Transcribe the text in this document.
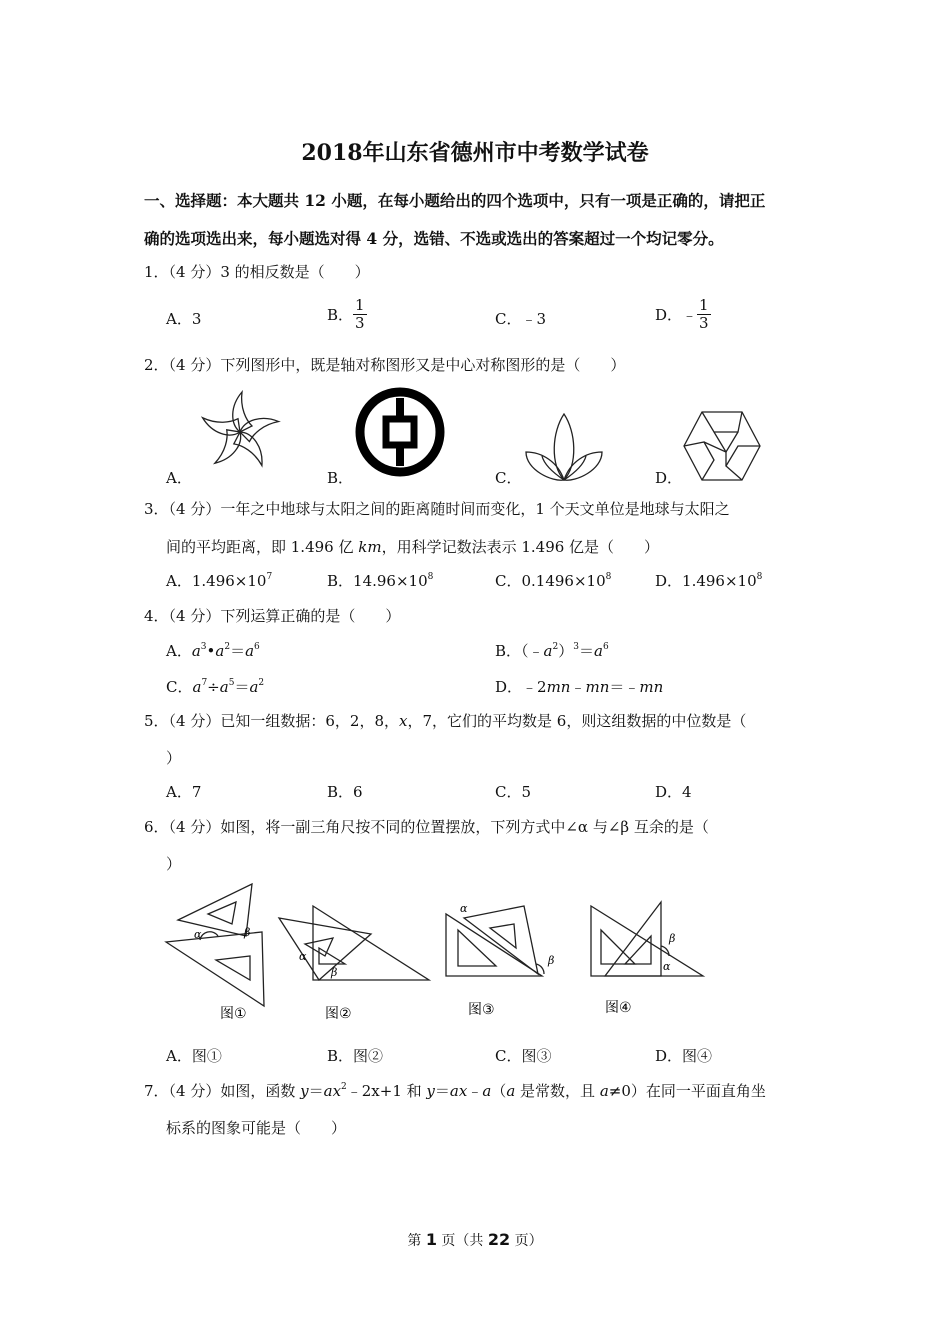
2018年山东省德州市中考数学试卷
一、选择题：本大题共 12 小题，在每小题给出的四个选项中，只有一项是正确的，请把正
确的选项选出来，每小题选对得 4 分，选错、不选或选出的答案超过一个均记零分。
1．（4 分）3 的相反数是（　　）
A．3	B． $\frac{1}{3}$	C．﹣3	D．﹣ $\frac{1}{3}$
2．（4 分）下列图形中，既是轴对称图形又是中心对称图形的是（　　）
A．	B．	C．	D．
3．（4 分）一年之中地球与太阳之间的距离随时间而变化，1 个天文单位是地球与太阳之
间的平均距离，即 1.496 亿 km，用科学记数法表示 1.496 亿是（　　）
A．$1.496\times 10^7$	B．$14.96\times 10^8$	C．$0.1496\times 10^8$	D．$1.496\times 10^8$
4．（4 分）下列运算正确的是（　　）
A．$a^3•a^2=a^6$	B．$(﹣a^2)^3=a^6$
C．$a^7\div a^5=a^2$	D．﹣2mn﹣mn＝﹣mn
5．（4 分）已知一组数据：6，2，8，x，7，它们的平均数是 6，则这组数据的中位数是（
）
A．7	B．6	C．5	D．4
6．（4 分）如图，将一副三角尺按不同的位置摆放，下列方式中∠α 与∠β 互余的是（
）
α	β
图①
α
β
图②
α
β
图③
β
α
图④
A．图①	B．图②	C．图③	D．图④
7．（4 分）如图，函数 $y=ax^2﹣2x+1$ 和 y＝ax﹣a（a 是常数，且 a≠0）在同一平面直角坐
标系的图象可能是（　　）
第 1 页（共 22 页）
